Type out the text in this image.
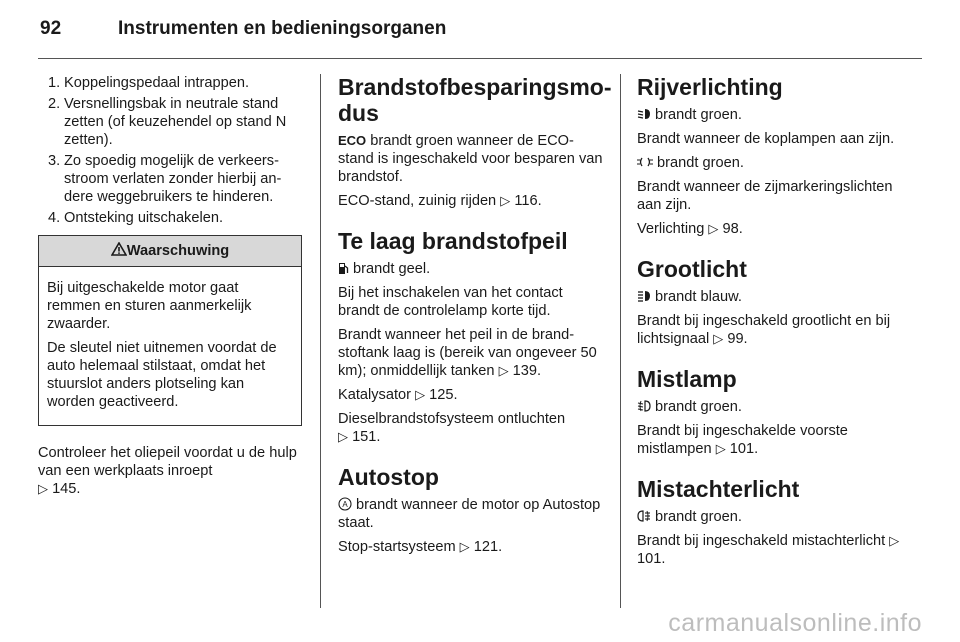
92	Instrumenten en bedieningsorganen
1. Koppelingspedaal intrappen.
2. Versnellingsbak in neutrale stand zetten (of keuzehendel op stand N zetten).
3. Zo spoedig mogelijk de verkeersstroom verlaten zonder hierbij andere weggebruikers te hinderen.
4. Ontsteking uitschakelen.
Waarschuwing

Bij uitgeschakelde motor gaat remmen en sturen aanmerkelijk zwaarder.

De sleutel niet uitnemen voordat de auto helemaal stilstaat, omdat het stuurslot anders plotseling kan worden geactiveerd.

Controleer het oliepeil voordat u de hulp van een werkplaats inroept
▷ 145.

Brandstofbesparingsmodus

ECO brandt groen wanneer de ECO-stand is ingeschakeld voor besparen van brandstof.

ECO-stand, zuinig rijden ▷ 116.

Te laag brandstofpeil

brandt geel.

Bij het inschakelen van het contact brandt de controlelamp korte tijd.

Brandt wanneer het peil in de brandstoftank laag is (bereik van ongeveer 50 km); onmiddellijk tanken ▷ 139.

Katalysator ▷ 125.

Dieselbrandstofsysteem ontluchten
▷ 151.

Autostop

A brandt wanneer de motor op Autostop staat.

Stop-startsysteem ▷ 121.

Rijverlichting

brandt groen.

Brandt wanneer de koplampen aan zijn.

brandt groen.

Brandt wanneer de zijmarkeringslichten aan zijn.

Verlichting ▷ 98.

Grootlicht

brandt blauw.

Brandt bij ingeschakeld grootlicht en bij lichtsignaal ▷ 99.

Mistlamp

brandt groen.

Brandt bij ingeschakelde voorste mistlampen ▷ 101.

Mistachterlicht

brandt groen.

Brandt bij ingeschakeld mistachterlicht ▷ 101.

carmanualsonline.info
